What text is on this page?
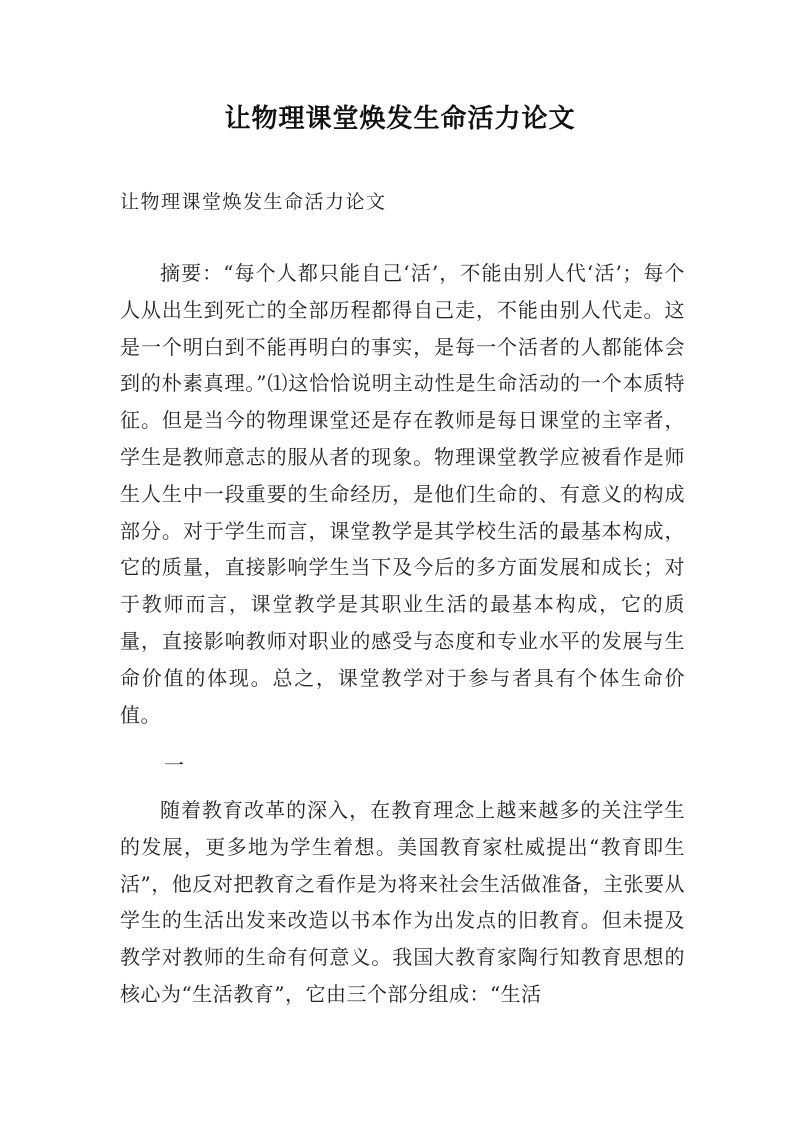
让物理课堂焕发生命活力论文

让物理课堂焕发生命活力论文

摘要：“每个人都只能自己‘活’，不能由别人代‘活’；每个人从出生到死亡的全部历程都得自己走，不能由别人代走。这是一个明白到不能再明白的事实，是每一个活者的人都能体会到的朴素真理。”⑴这恰恰说明主动性是生命活动的一个本质特征。但是当今的物理课堂还是存在教师是每日课堂的主宰者，学生是教师意志的服从者的现象。物理课堂教学应被看作是师生人生中一段重要的生命经历，是他们生命的、有意义的构成部分。对于学生而言，课堂教学是其学校生活的最基本构成，它的质量，直接影响学生当下及今后的多方面发展和成长；对于教师而言，课堂教学是其职业生活的最基本构成，它的质量，直接影响教师对职业的感受与态度和专业水平的发展与生命价值的体现。总之，课堂教学对于参与者具有个体生命价值。

一

随着教育改革的深入，在教育理念上越来越多的关注学生的发展，更多地为学生着想。美国教育家杜威提出“教育即生活”，他反对把教育之看作是为将来社会生活做准备，主张要从学生的生活出发来改造以书本作为出发点的旧教育。但未提及教学对教师的生命有何意义。我国大教育家陶行知教育思想的核心为“生活教育”，它由三个部分组成：“生活
